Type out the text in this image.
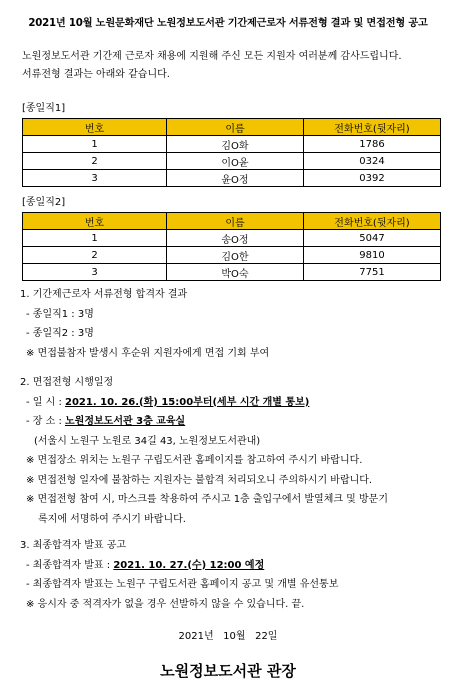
2021년 10월 노원문화재단 노원정보도서관 기간제근로자 서류전형 결과 및 면접전형 공고
노원정보도서관 기간제 근로자 채용에 지원해 주신 모든 지원자 여러분께 감사드립니다.
서류전형 결과는 아래와 같습니다.
[종일직1]
번호	이름	전화번호(뒷자리)
1	김O화	1786
2	이O윤	0324
3	윤O정	0392
[종일직2]
번호	이름	전화번호(뒷자리)
1	송O정	5047
2	김O한	9810
3	박O숙	7751
1. 기간제근로자 서류전형 합격자 결과
- 종일직1 : 3명
- 종일직2 : 3명
※ 면접불참자 발생시 후순위 지원자에게 면접 기회 부여
2. 면접전형 시행일정
- 일 시 : 2021. 10. 26.(화) 15:00부터(세부 시간 개별 통보)
- 장 소 : 노원정보도서관 3층 교육실
(서울시 노원구 노원로 34길 43, 노원정보도서관내)
※ 면접장소 위치는 노원구 구립도서관 홈페이지를 참고하여 주시기 바랍니다.
※ 면접전형 일자에 불참하는 지원자는 불합격 처리되오니 주의하시기 바랍니다.
※ 면접전형 참여 시, 마스크를 착용하여 주시고 1층 출입구에서 발열체크 및 방문기
록지에 서명하여 주시기 바랍니다.
3. 최종합격자 발표 공고
- 최종합격자 발표 : 2021. 10. 27.(수) 12:00 예정
- 최종합격자 발표는 노원구 구립도서관 홈페이지 공고 및 개별 유선통보
※ 응시자 중 적격자가 없을 경우 선발하지 않을 수 있습니다. 끝.
2021년   10월   22일
노원정보도서관 관장
